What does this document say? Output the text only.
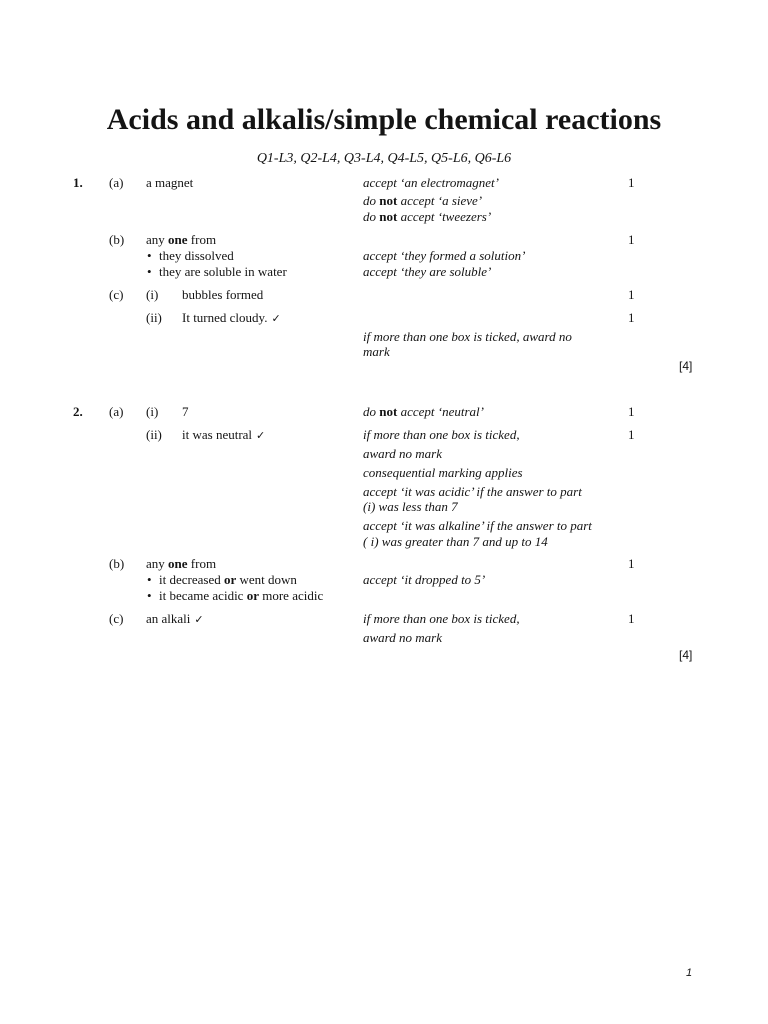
Acids and alkalis/simple chemical reactions
Q1-L3, Q2-L4, Q3-L4, Q4-L5, Q5-L6, Q6-L6
1. (a) a magnet	accept ‘an electromagnet’	1
do not accept ‘a sieve’
do not accept ‘tweezers’
(b) any one from	1
• they dissolved	accept ‘they formed a solution’
• they are soluble in water	accept ‘they are soluble’
(c) (i) bubbles formed	1
(ii) It turned cloudy. ✓	1
if more than one box is ticked, award no
mark
[4]
2. (a) (i) 7	do not accept ‘neutral’	1
(ii) it was neutral ✓	if more than one box is ticked,	1
award no mark
consequential marking applies
accept ‘it was acidic’ if the answer to part
(i) was less than 7
accept ‘it was alkaline’ if the answer to part
( i) was greater than 7 and up to 14
(b) any one from	1
• it decreased or went down	accept ‘it dropped to 5’
• it became acidic or more acidic
(c) an alkali ✓	if more than one box is ticked,	1
award no mark
[4]
1
